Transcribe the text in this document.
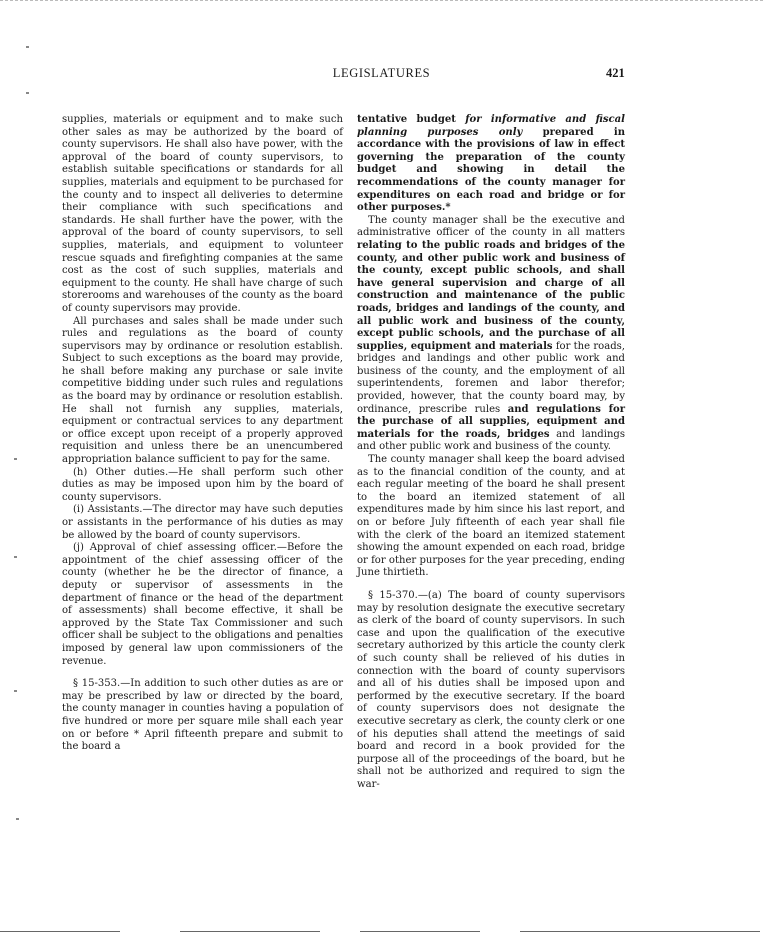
LEGISLATURES	421

supplies, materials or equipment and to make such other sales as may be authorized by the board of county supervisors. He shall also have power, with the approval of the board of county supervisors, to establish suitable specifications or standards for all supplies, materials and equipment to be purchased for the county and to inspect all deliveries to determine their compliance with such specifications and standards. He shall further have the power, with the approval of the board of county supervisors, to sell supplies, materials, and equipment to volunteer rescue squads and firefighting companies at the same cost as the cost of such supplies, materials and equipment to the county. He shall have charge of such storerooms and warehouses of the county as the board of county supervisors may provide.

All purchases and sales shall be made under such rules and regulations as the board of county supervisors may by ordinance or resolution establish. Subject to such exceptions as the board may provide, he shall before making any purchase or sale invite competitive bidding under such rules and regulations as the board may by ordinance or resolution establish. He shall not furnish any supplies, materials, equipment or contractual services to any department or office except upon receipt of a properly approved requisition and unless there be an unencumbered appropriation balance sufficient to pay for the same.

(h) Other duties.—He shall perform such other duties as may be imposed upon him by the board of county supervisors.

(i) Assistants.—The director may have such deputies or assistants in the performance of his duties as may be allowed by the board of county supervisors.

(j) Approval of chief assessing officer.—Before the appointment of the chief assessing officer of the county (whether he be the director of finance, a deputy or supervisor of assessments in the department of finance or the head of the department of assessments) shall become effective, it shall be approved by the State Tax Commissioner and such officer shall be subject to the obligations and penalties imposed by general law upon commissioners of the revenue.

§ 15-353.—In addition to such other duties as are or may be prescribed by law or directed by the board, the county manager in counties having a population of five hundred or more per square mile shall each year on or before * April fifteenth prepare and submit to the board a

tentative budget for informative and fiscal planning purposes only prepared in accordance with the provisions of law in effect governing the preparation of the county budget and showing in detail the recommendations of the county manager for expenditures on each road and bridge or for other purposes.*

The county manager shall be the executive and administrative officer of the county in all matters relating to the public roads and bridges of the county, and other public work and business of the county, except public schools, and shall have general supervision and charge of all construction and maintenance of the public roads, bridges and landings of the county, and all public work and business of the county, except public schools, and the purchase of all supplies, equipment and materials for the roads, bridges and landings and other public work and business of the county, and the employment of all superintendents, foremen and labor therefor; provided, however, that the county board may, by ordinance, prescribe rules and regulations for the purchase of all supplies, equipment and materials for the roads, bridges and landings and other public work and business of the county.

The county manager shall keep the board advised as to the financial condition of the county, and at each regular meeting of the board he shall present to the board an itemized statement of all expenditures made by him since his last report, and on or before July fifteenth of each year shall file with the clerk of the board an itemized statement showing the amount expended on each road, bridge or for other purposes for the year preceding, ending June thirtieth.

§ 15-370.—(a) The board of county supervisors may by resolution designate the executive secretary as clerk of the board of county supervisors. In such case and upon the qualification of the executive secretary authorized by this article the county clerk of such county shall be relieved of his duties in connection with the board of county supervisors and all of his duties shall be imposed upon and performed by the executive secretary. If the board of county supervisors does not designate the executive secretary as clerk, the county clerk or one of his deputies shall attend the meetings of said board and record in a book provided for the purpose all of the proceedings of the board, but he shall not be authorized and required to sign the war-
